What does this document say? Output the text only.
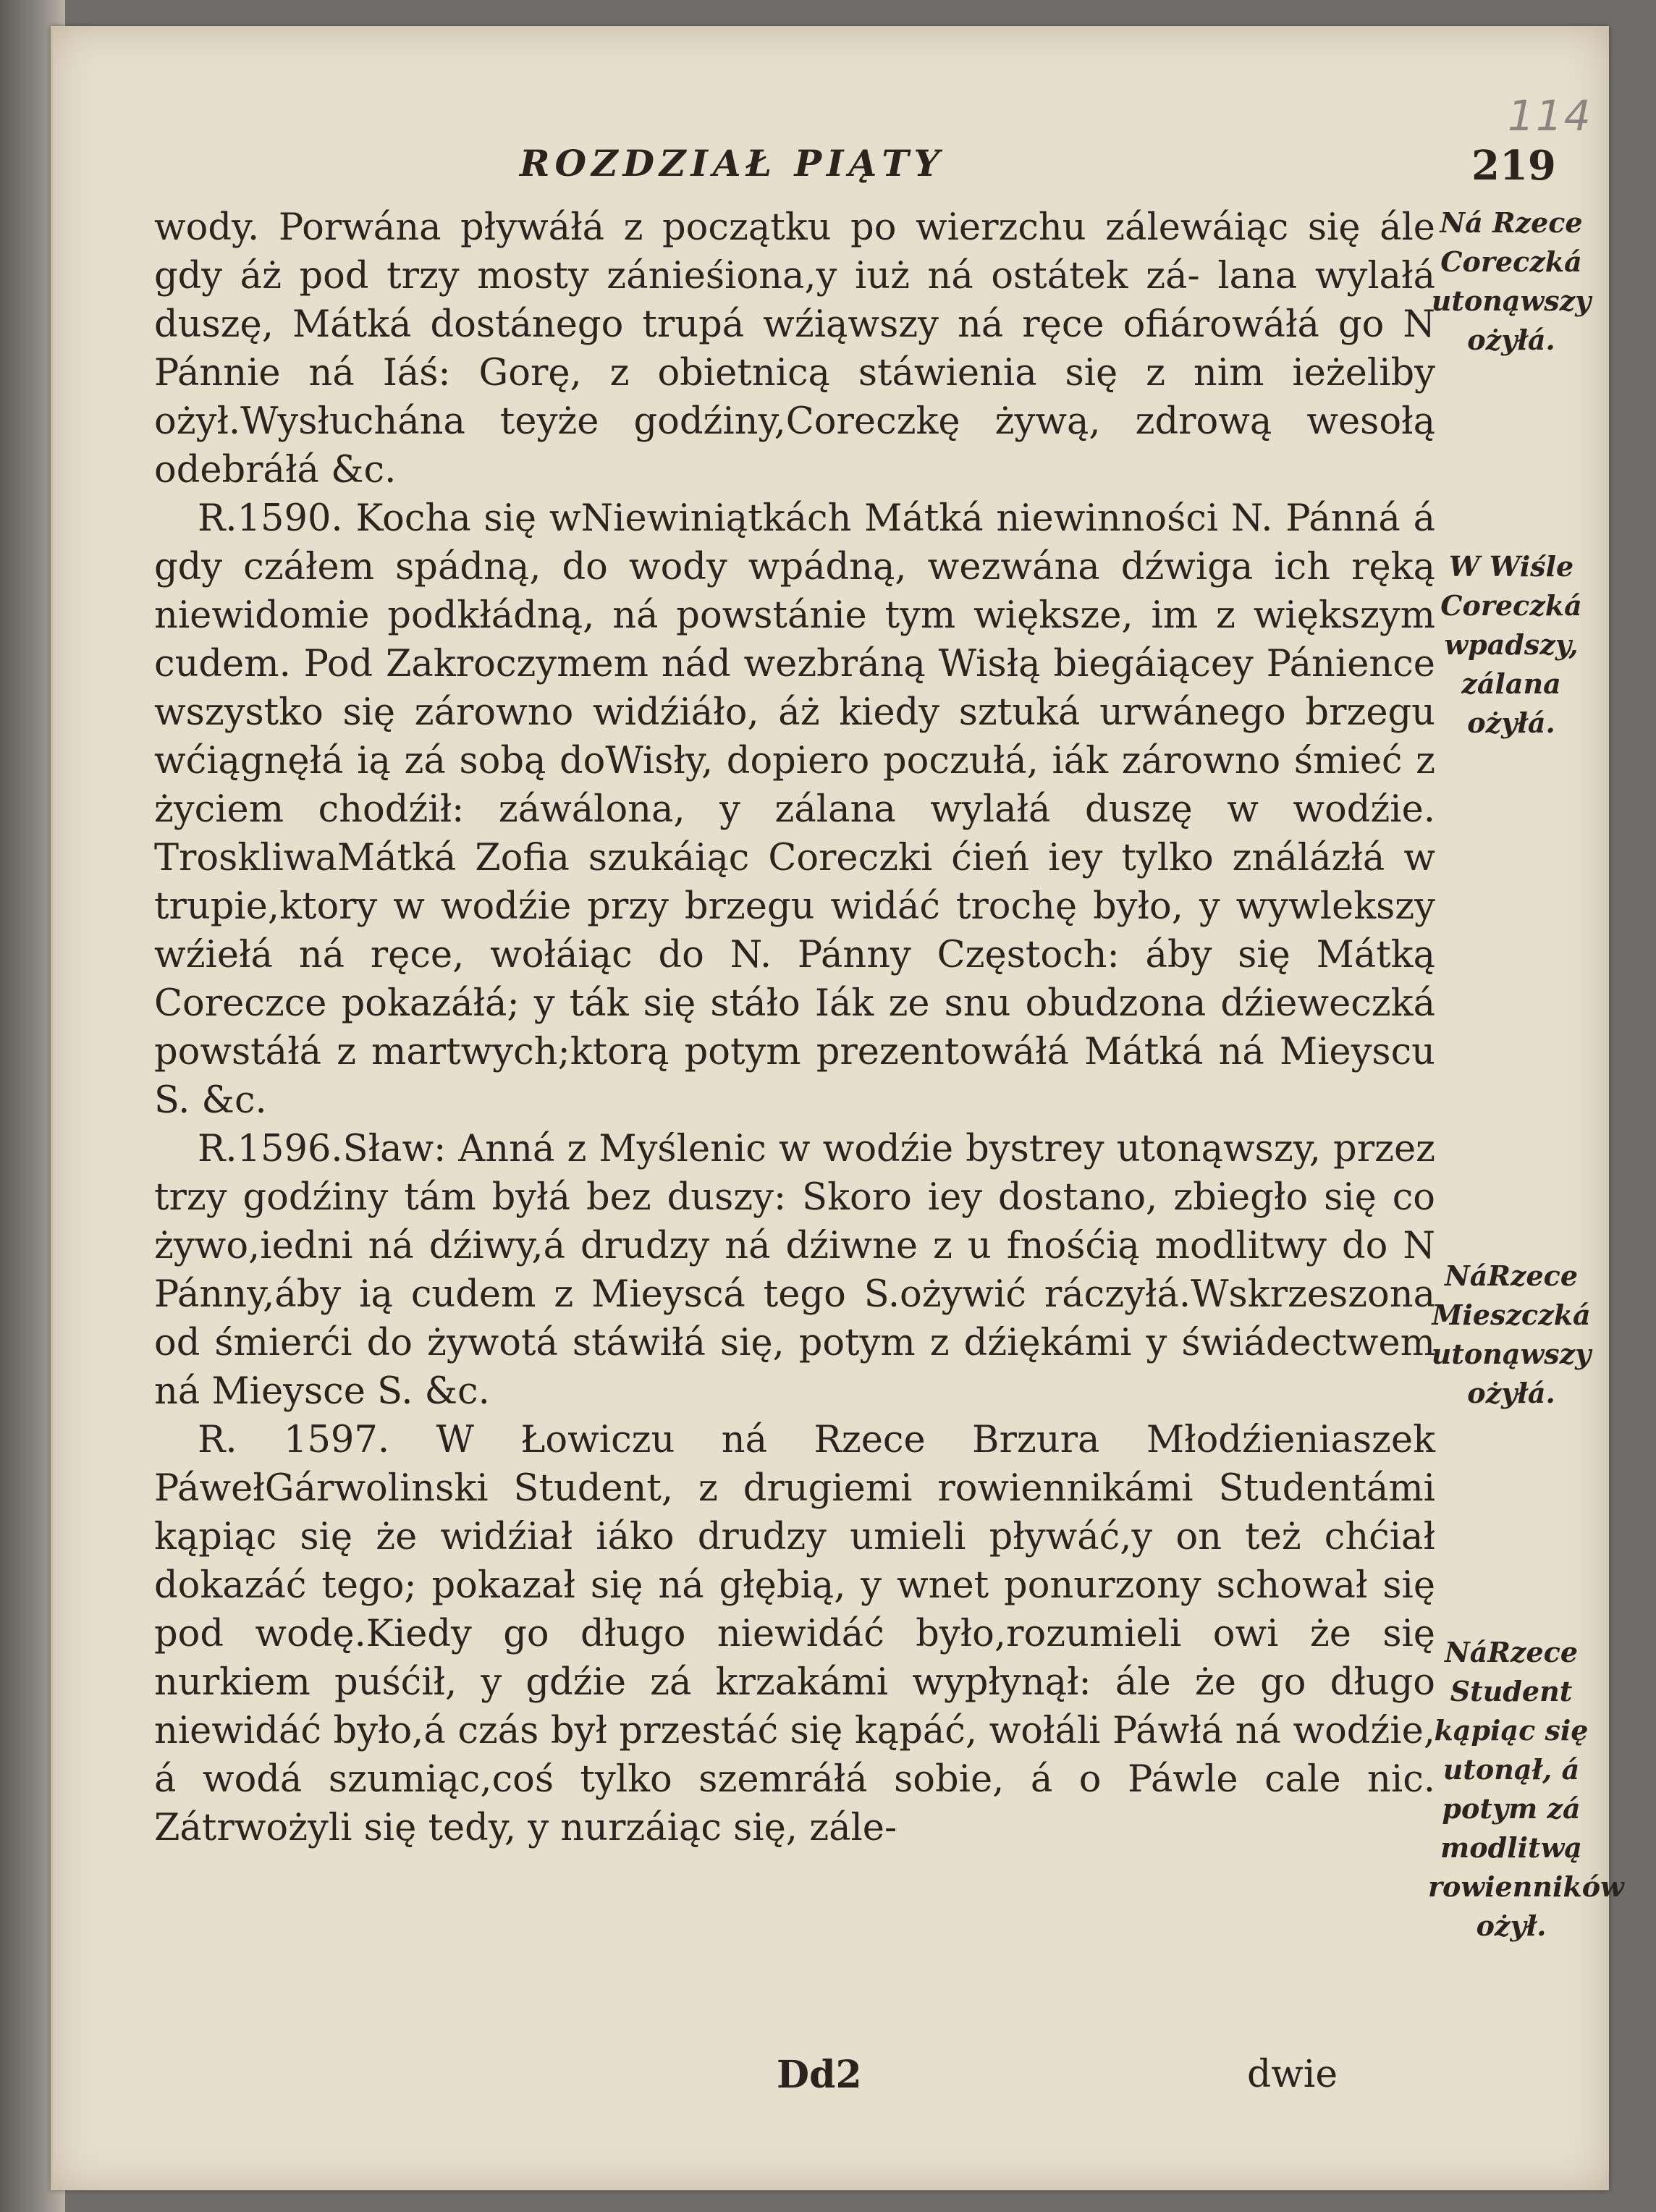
114
ROZDZIAŁ PIĄTY	219

wody. Porwána pływáłá z początku po wierzchu zálewáiąc się ále gdy áż pod trzy mosty zánieśiona,y iuż ná ostátek zá- lana wylałá duszę, Mátká dostánego trupá wźiąwszy ná ręce ofiárowáłá go N Pánnie ná Iáś: Gorę, z obietnicą stáwienia się z nim ieżeliby ożył.Wysłuchána teyże godźiny,Coreczkę żywą, zdrową wesołą odebráłá &c.

R.1590. Kocha się wNiewiniątkách Mátká niewinności N. Pánná á gdy czáłem spádną, do wody wpádną, wezwána dźwiga ich ręką niewidomie podkłádną, ná powstánie tym większe, im z większym cudem. Pod Zakroczymem nád wezbráną Wisłą biegáiącey Pánience wszystko się zárowno widźiáło, áż kiedy sztuká urwánego brzegu wćiągnęłá ią zá sobą doWisły, dopiero poczułá, iák zárowno śmieć z życiem chodźił: záwálona, y zálana wylałá duszę w wodźie. TroskliwaMátká Zofia szukáiąc Coreczki ćień iey tylko ználázłá w trupie,ktory w wodźie przy brzegu widáć trochę było, y wywlekszy wźiełá ná ręce, wołáiąc do N. Pánny Częstoch: áby się Mátką Coreczce pokazáłá; y ták się stáło Iák ze snu obudzona dźieweczká powstáłá z martwych;ktorą potym prezentowáłá Mátká ná Mieyscu S. &c.

R.1596.Sław: Anná z Myślenic w wodźie bystrey utonąwszy, przez trzy godźiny tám byłá bez duszy: Skoro iey dostano, zbiegło się co żywo,iedni ná dźiwy,á drudzy ná dźiwne z u fnośćią modlitwy do N Pánny,áby ią cudem z Mieyscá tego S.ożywić ráczyłá.Wskrzeszona od śmierći do żywotá stáwiłá się, potym z dźiękámi y świádectwem ná Mieysce S. &c.

R. 1597. W Łowiczu ná Rzece Brzura Młodźieniaszek PáwełGárwolinski Student, z drugiemi rowiennikámi Studentámi kąpiąc się że widźiał iáko drudzy umieli pływáć,y on też chćiał dokazáć tego; pokazał się ná głębią, y wnet ponurzony schował się pod wodę.Kiedy go długo niewidáć było,rozumieli owi że się nurkiem puśćił, y gdźie zá krzakámi wypłynął: ále że go długo niewidáć było,á czás był przestáć się kąpáć, wołáli Páwłá ná wodźie, á wodá szumiąc,coś tylko szemráłá sobie, á o Páwle cale nic. Zátrwożyli się tedy, y nurzáiąc się, zále-

Ná Rzece Coreczká utonąwszy ożyłá.
W Wiśle Coreczká wpadszy, zálana ożyłá.
NáRzece Mieszczká utonąwszy ożyłá.
NáRzece Student kąpiąc się utonął, á potym zá modlitwą rowienników ożył.
Dd2	dwie
